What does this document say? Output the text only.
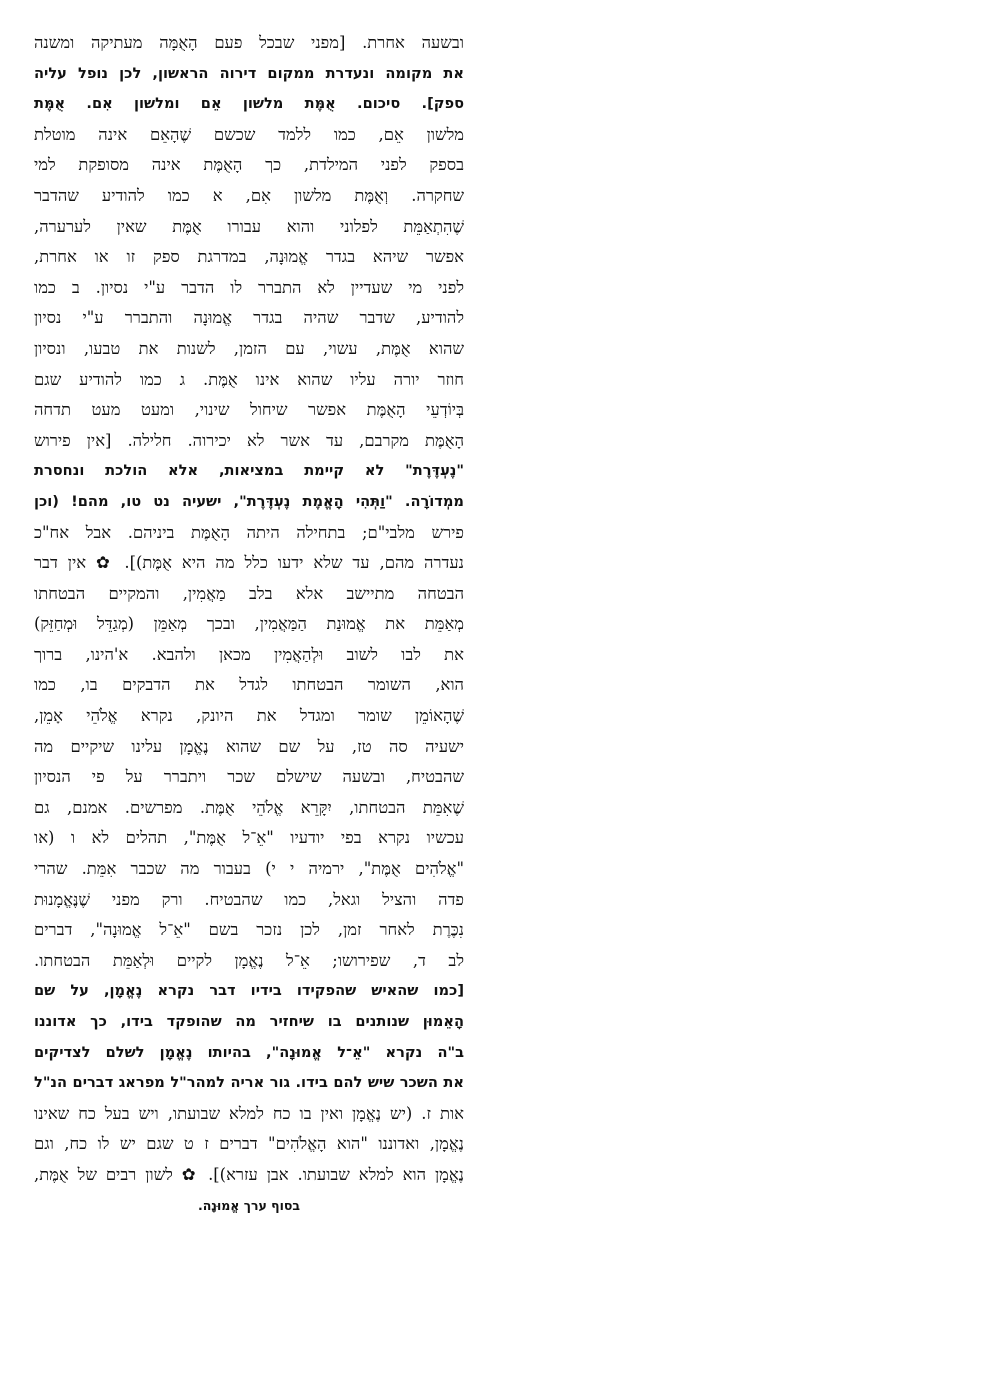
ובשעה אחרת. [מפני שבכל פעם הָאֻמָּה מעתיקה ומשנה
את מקומה ונעדרת ממקום דירוה הראשון, לכן נופל עליה
ספק]. סיכום. אֻמֶּת מלשון אֵם ומלשון אִם. אֻמֶּת
מלשון אֵם, כמו ללמד שכשם שֶׁהָאֵם אינה מוטלת
בספק לפני המילדת, כך הָאֻמֶּת אינה מסופקת למי
שחקרה. וְאֻמֶּת מלשון אִם, א כמו להודיע שהדבר
שֶׁהִתְאַמֵּת לפלוני והוא עבורו אֻמֶּת שאין לערערה,
אפשר שיהא בגדר אֱמוּנָה, במדרגת ספק זו או אחרת,
לפני מי שעדיין לא התברר לו הדבר ע"י נסיון. ב כמו
להודיע, שדבר שהיה בגדר אֱמוּנָה והתברר ע"י נסיון
שהוא אֻמֶּת, עשוי, עם הזמן, לשנות את טבעו, ונסיון
חוזר יורה עליו שהוא אינו אֻמֶּת. ג כמו להודיע שגם
בְּיוֹדְעֵי הָאֻמֶּת אפשר שיחול שינוי, ומעט מעט תדחה
הָאֻמֶּת מקרבם, עד אשר לא יכירוה. חלילה. [אין פירוש
"נֶעְדֶּרֶת" לא קיימת במציאות, אלא הולכת ונחסרת
ממְדוֹרָה. "וַתְּהִי הָאֱמֶת נֶעְדֶּרֶת", ישעיה נט טו, מהם! (וכן
פירש מלבי"ם; בתחילה היתה הָאֻמֶּת ביניהם. אבל אח"כ
נעדרה מהם, עד שלא ידעו כלל מה היא אֻמֶּת)]. ✿ אין דבר
הבטחה מתיישב אלא בלב מַאֲמִין, והמקיים הבטחתו
מְאַמֵּת את אֱמוּנַת הַמַּאֲמִין, ובכך מְאַמֵּן (מְגַדֵּל וּמְחַזֵּק)
את לבו לשוב וּלְהַאֲמִין מכאן ולהבא. א'הינו, ברוך
הוא, השומר הבטחתו לגדל את הדבקים בו, כמו
שֶׁהָאוֹמֵן שומר ומגדל את היונק, נקרא אֱלֹהֵי אָמֵן,
ישעיה סה טז, על שם שהוא נֶאֱמָן עלינו שיקיים מה
שהבטיח, ובשעה שישלם שכר ויתברר על פי הנסיון
שֶׁאִמֵּת הבטחתו, יִקָּרֵא אֱלֹהֵי אֻמֶּת. מפרשים. אמנם, גם
עכשיו נקרא בפי יודעיו "אֵ־ל אֻמֶּת", תהלים לא ו (או
"אֱלֹהִים אֻמֶּת", ירמיה י י) בעבור מה שכבר אִמֵּת. שהרי
פדה והציל וגאל, כמו שהבטיח. ורק מפני שֶׁנֶּאֱמָנוּת
נִכֶּרֶת לאחר זמן, לכן נזכר בשם "אֵ־ל אֱמוּנָה", דברים
לב ד, שפירושו; אֵ־ל נֶאֱמָן לקיים וּלְאַמֵּת הבטחתו.
[כמו שהאיש שהפקידו בידיו דבר נקרא נֶאֱמָן, על שם
הָאֵמוּן שנותנים בו שיחזיר מה שהופקד בידו, כך אדוננו
ב"ה נקרא "אֵ־ל אֱמוּנָה", בהיותו נֶאֱמָן לשלם לצדיקים
את השכר שיש להם בידו. גור אריה למהר"ל מפראג דברים הנ"ל
אות ז. (יש נֶאֱמָן ואין בו כח למלא שבועתו, ויש בעל כח שאינו
נֶאֱמָן, ואדוננו "הוא הָאֱלֹהִים" דברים ז ט שגם יש לו כח, וגם
נֶאֱמָן הוא למלא שבועתו. אבן עזרא)]. ✿ לשון רבים של אֻמֶּת,
בסוף ערך אֱמוּנָה.
